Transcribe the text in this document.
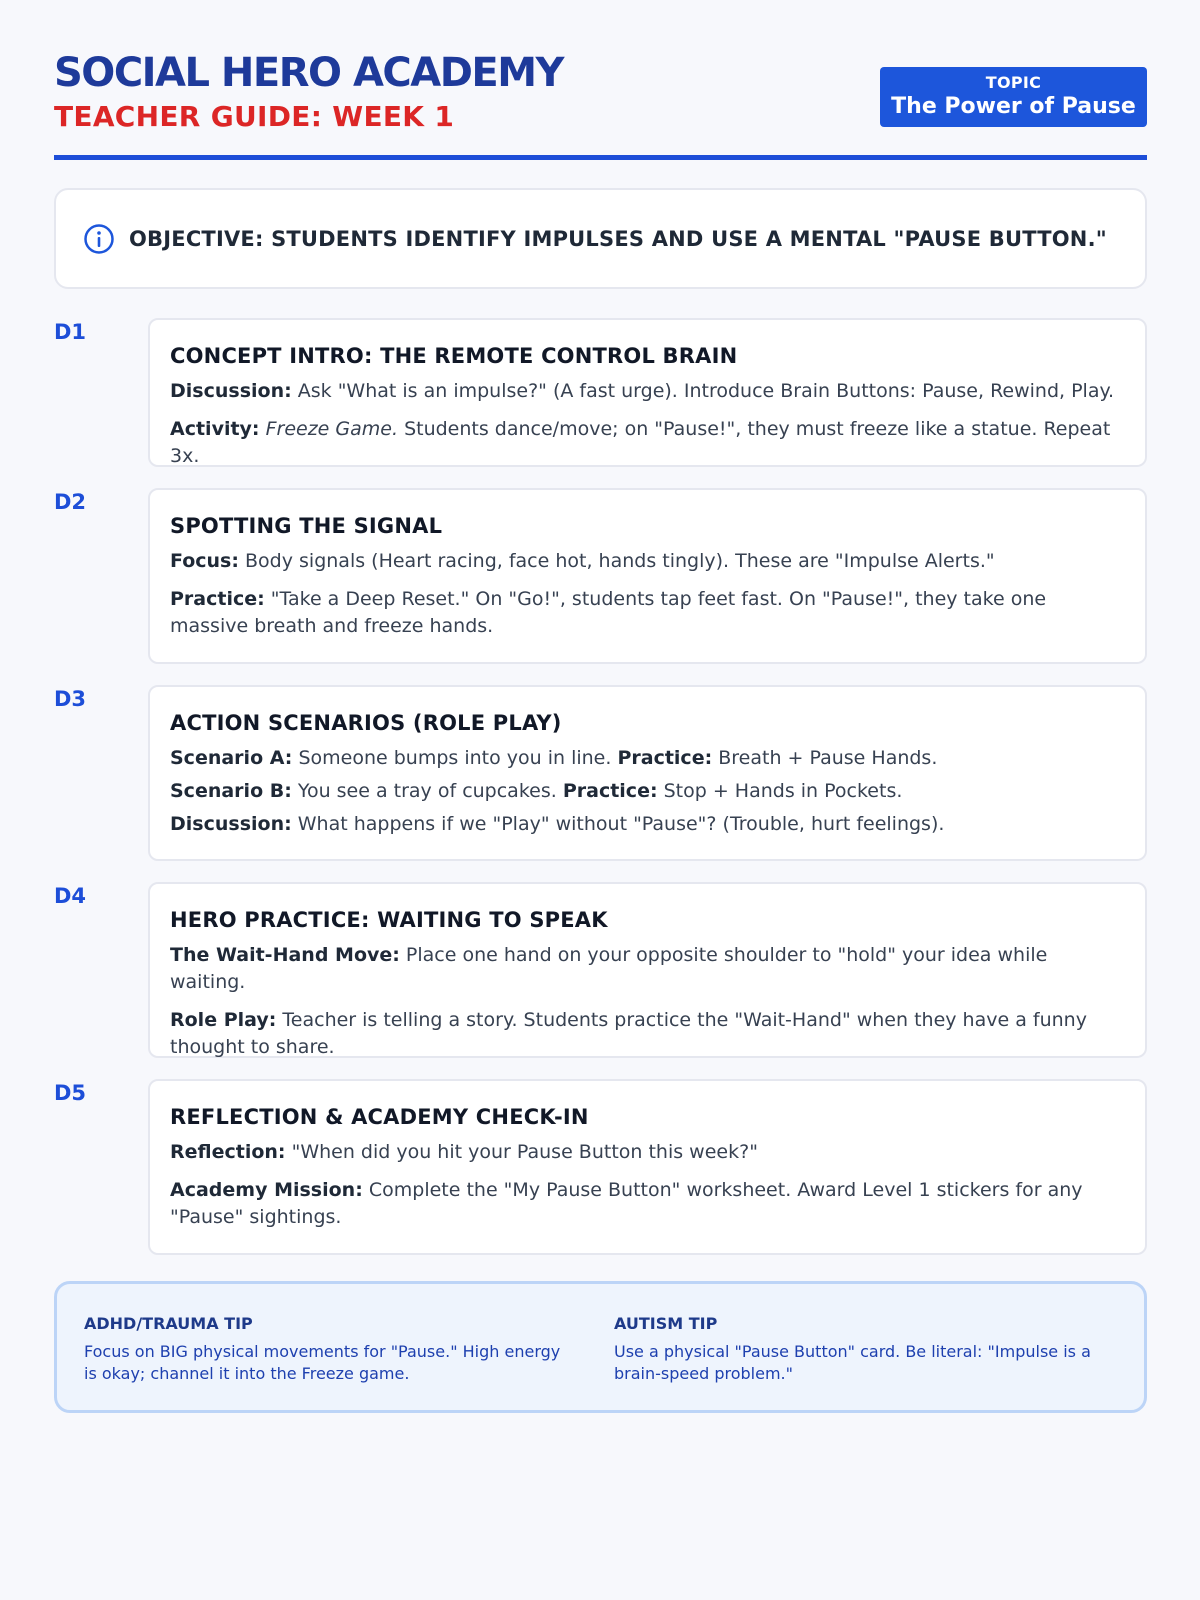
SOCIAL HERO ACADEMY
TEACHER GUIDE: WEEK 1
TOPIC
The Power of Pause
OBJECTIVE: STUDENTS IDENTIFY IMPULSES AND USE A MENTAL "PAUSE BUTTON."
D1
CONCEPT INTRO: THE REMOTE CONTROL BRAIN
Discussion: Ask "What is an impulse?" (A fast urge). Introduce Brain Buttons: Pause, Rewind, Play.
Activity: Freeze Game. Students dance/move; on "Pause!", they must freeze like a statue. Repeat 3x.
D2
SPOTTING THE SIGNAL
Focus: Body signals (Heart racing, face hot, hands tingly). These are "Impulse Alerts."
Practice: "Take a Deep Reset." On "Go!", students tap feet fast. On "Pause!", they take one massive breath and freeze hands.
D3
ACTION SCENARIOS (ROLE PLAY)
Scenario A: Someone bumps into you in line. Practice: Breath + Pause Hands.
Scenario B: You see a tray of cupcakes. Practice: Stop + Hands in Pockets.
Discussion: What happens if we "Play" without "Pause"? (Trouble, hurt feelings).
D4
HERO PRACTICE: WAITING TO SPEAK
The Wait-Hand Move: Place one hand on your opposite shoulder to "hold" your idea while waiting.
Role Play: Teacher is telling a story. Students practice the "Wait-Hand" when they have a funny thought to share.
D5
REFLECTION & ACADEMY CHECK-IN
Reflection: "When did you hit your Pause Button this week?"
Academy Mission: Complete the "My Pause Button" worksheet. Award Level 1 stickers for any "Pause" sightings.
ADHD/TRAUMA TIP
Focus on BIG physical movements for "Pause." High energy is okay; channel it into the Freeze game.
AUTISM TIP
Use a physical "Pause Button" card. Be literal: "Impulse is a brain-speed problem."
